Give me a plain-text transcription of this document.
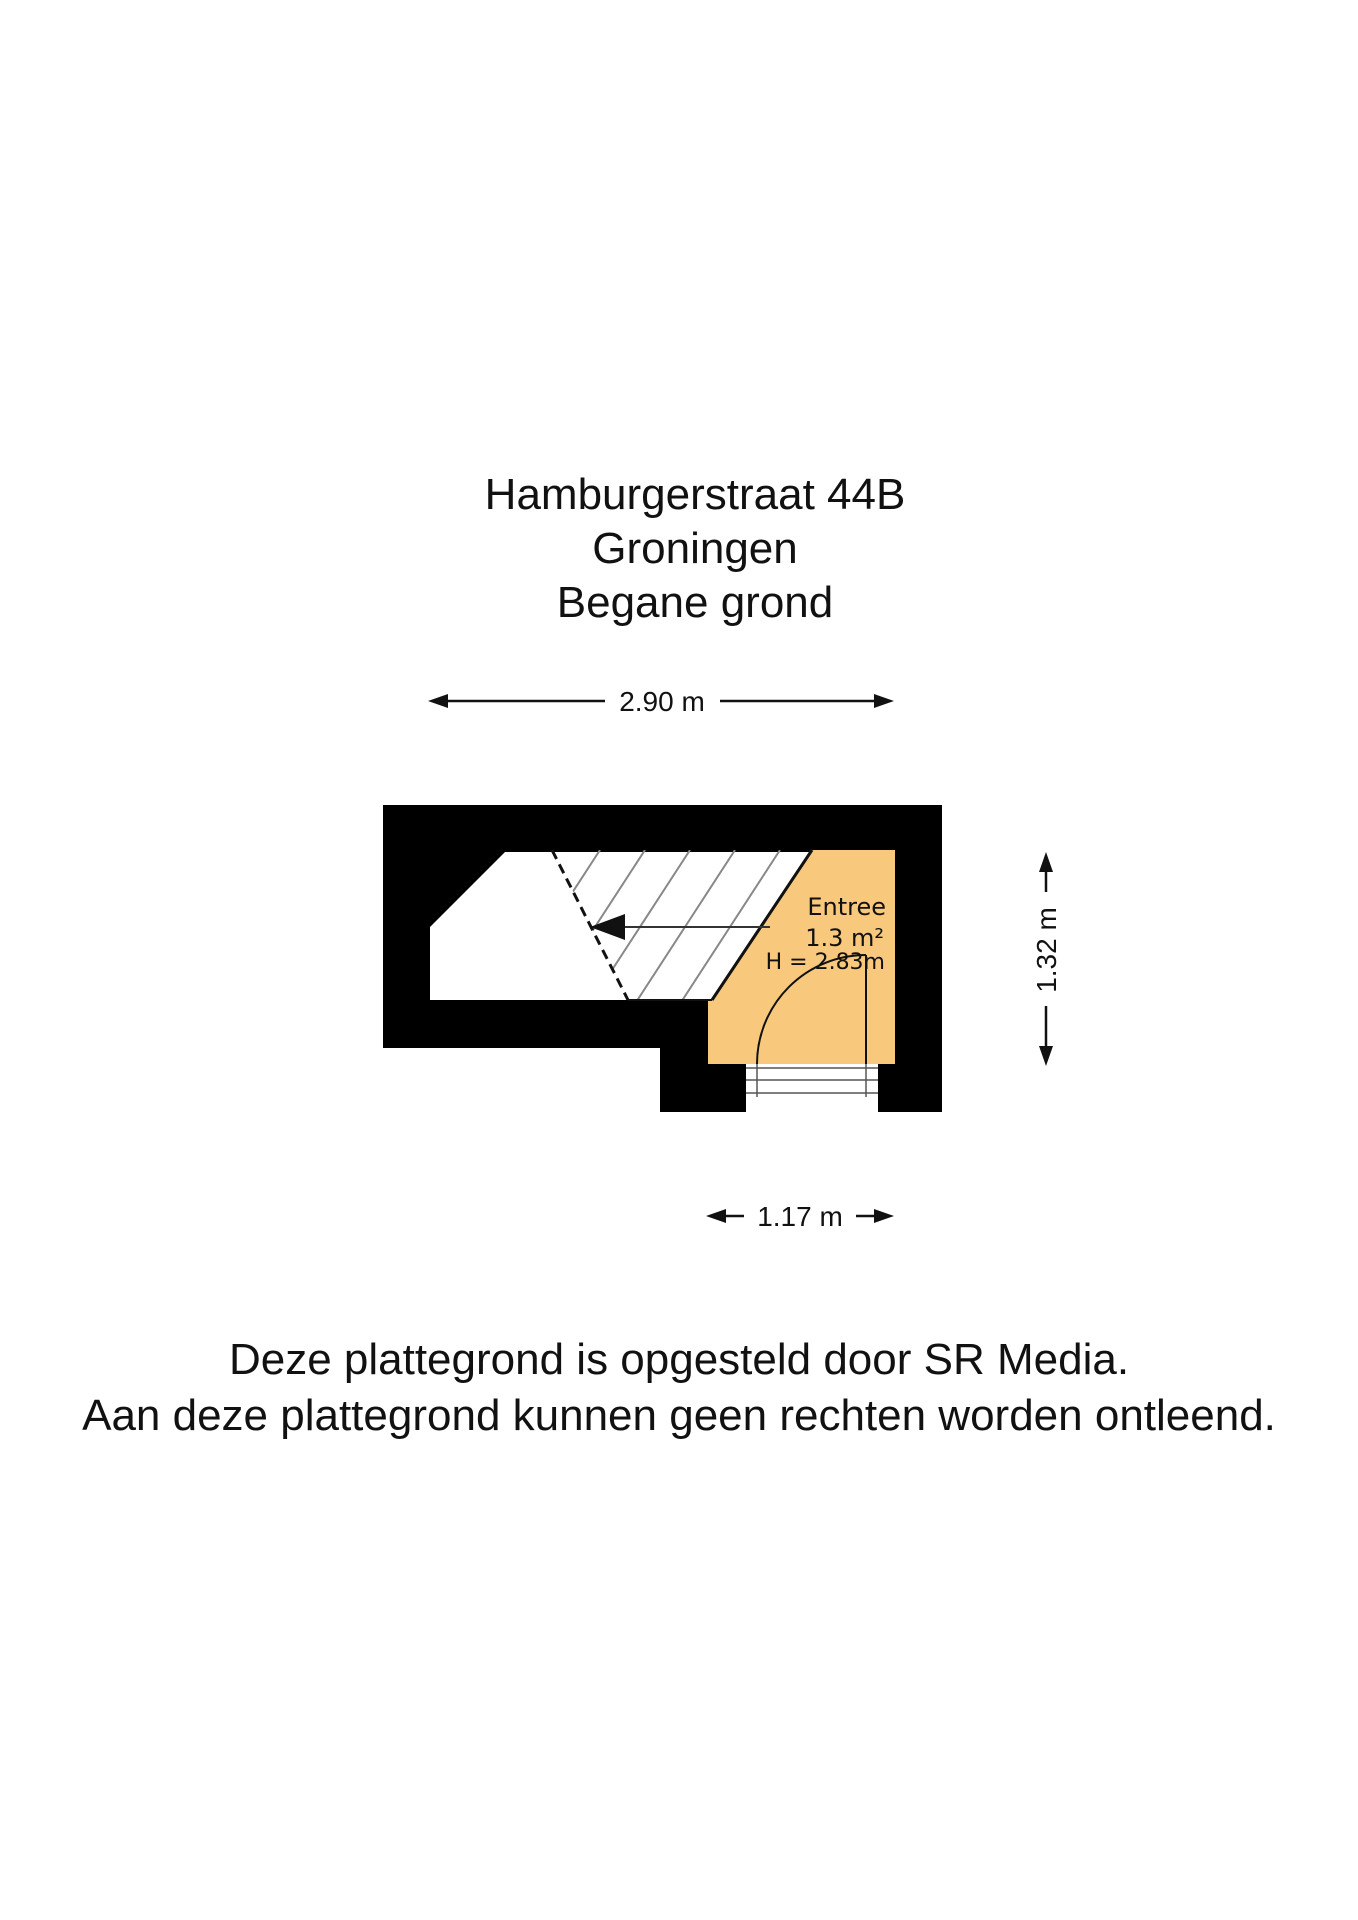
Hamburgerstraat 44B
Groningen
Begane grond
2.90 m
Entree
1.3 m²
H = 2.83m	1.32 m
1.17 m
Deze plattegrond is opgesteld door SR Media.
Aan deze plattegrond kunnen geen rechten worden ontleend.
